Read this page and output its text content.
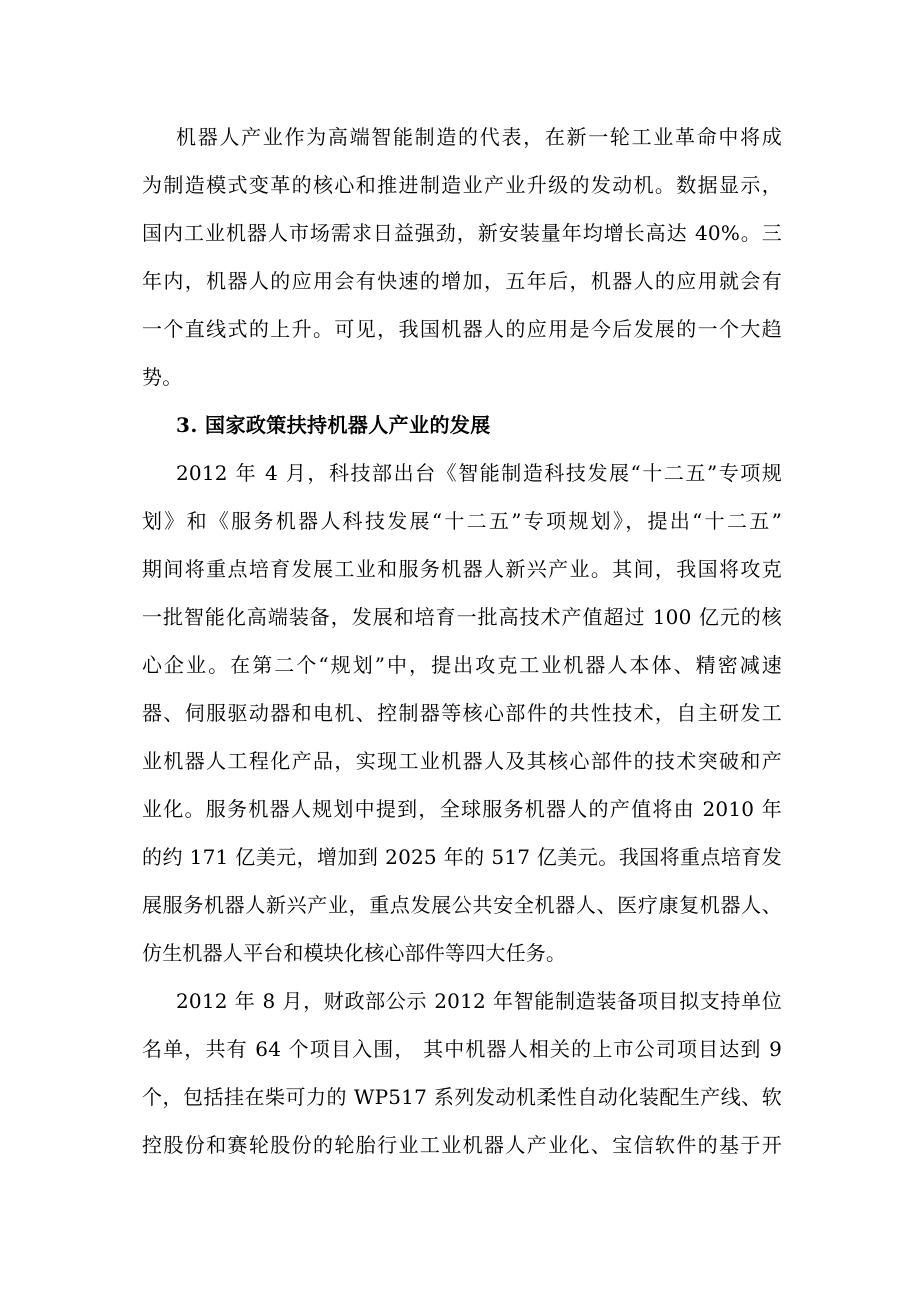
机器人产业作为高端智能制造的代表，在新一轮工业革命中将成
为制造模式变革的核心和推进制造业产业升级的发动机。数据显示，
国内工业机器人市场需求日益强劲，新安装量年均增长高达 40%。三
年内，机器人的应用会有快速的增加，五年后，机器人的应用就会有
一个直线式的上升。可见，我国机器人的应用是今后发展的一个大趋
势。
3. 国家政策扶持机器人产业的发展
2012 年 4 月，科技部出台《智能制造科技发展“十二五”专项规
划》和《服务机器人科技发展“十二五”专项规划》，提出“十二五”
期间将重点培育发展工业和服务机器人新兴产业。其间，我国将攻克
一批智能化高端装备，发展和培育一批高技术产值超过 100 亿元的核
心企业。在第二个“规划”中，提出攻克工业机器人本体、精密减速
器、伺服驱动器和电机、控制器等核心部件的共性技术，自主研发工
业机器人工程化产品，实现工业机器人及其核心部件的技术突破和产
业化。服务机器人规划中提到，全球服务机器人的产值将由 2010 年
的约 171 亿美元，增加到 2025 年的 517 亿美元。我国将重点培育发
展服务机器人新兴产业，重点发展公共安全机器人、医疗康复机器人、
仿生机器人平台和模块化核心部件等四大任务。
2012 年 8 月，财政部公示 2012 年智能制造装备项目拟支持单位
名单，共有 64 个项目入围， 其中机器人相关的上市公司项目达到 9
个，包括挂在柴可力的 WP517 系列发动机柔性自动化装配生产线、软
控股份和赛轮股份的轮胎行业工业机器人产业化、宝信软件的基于开
